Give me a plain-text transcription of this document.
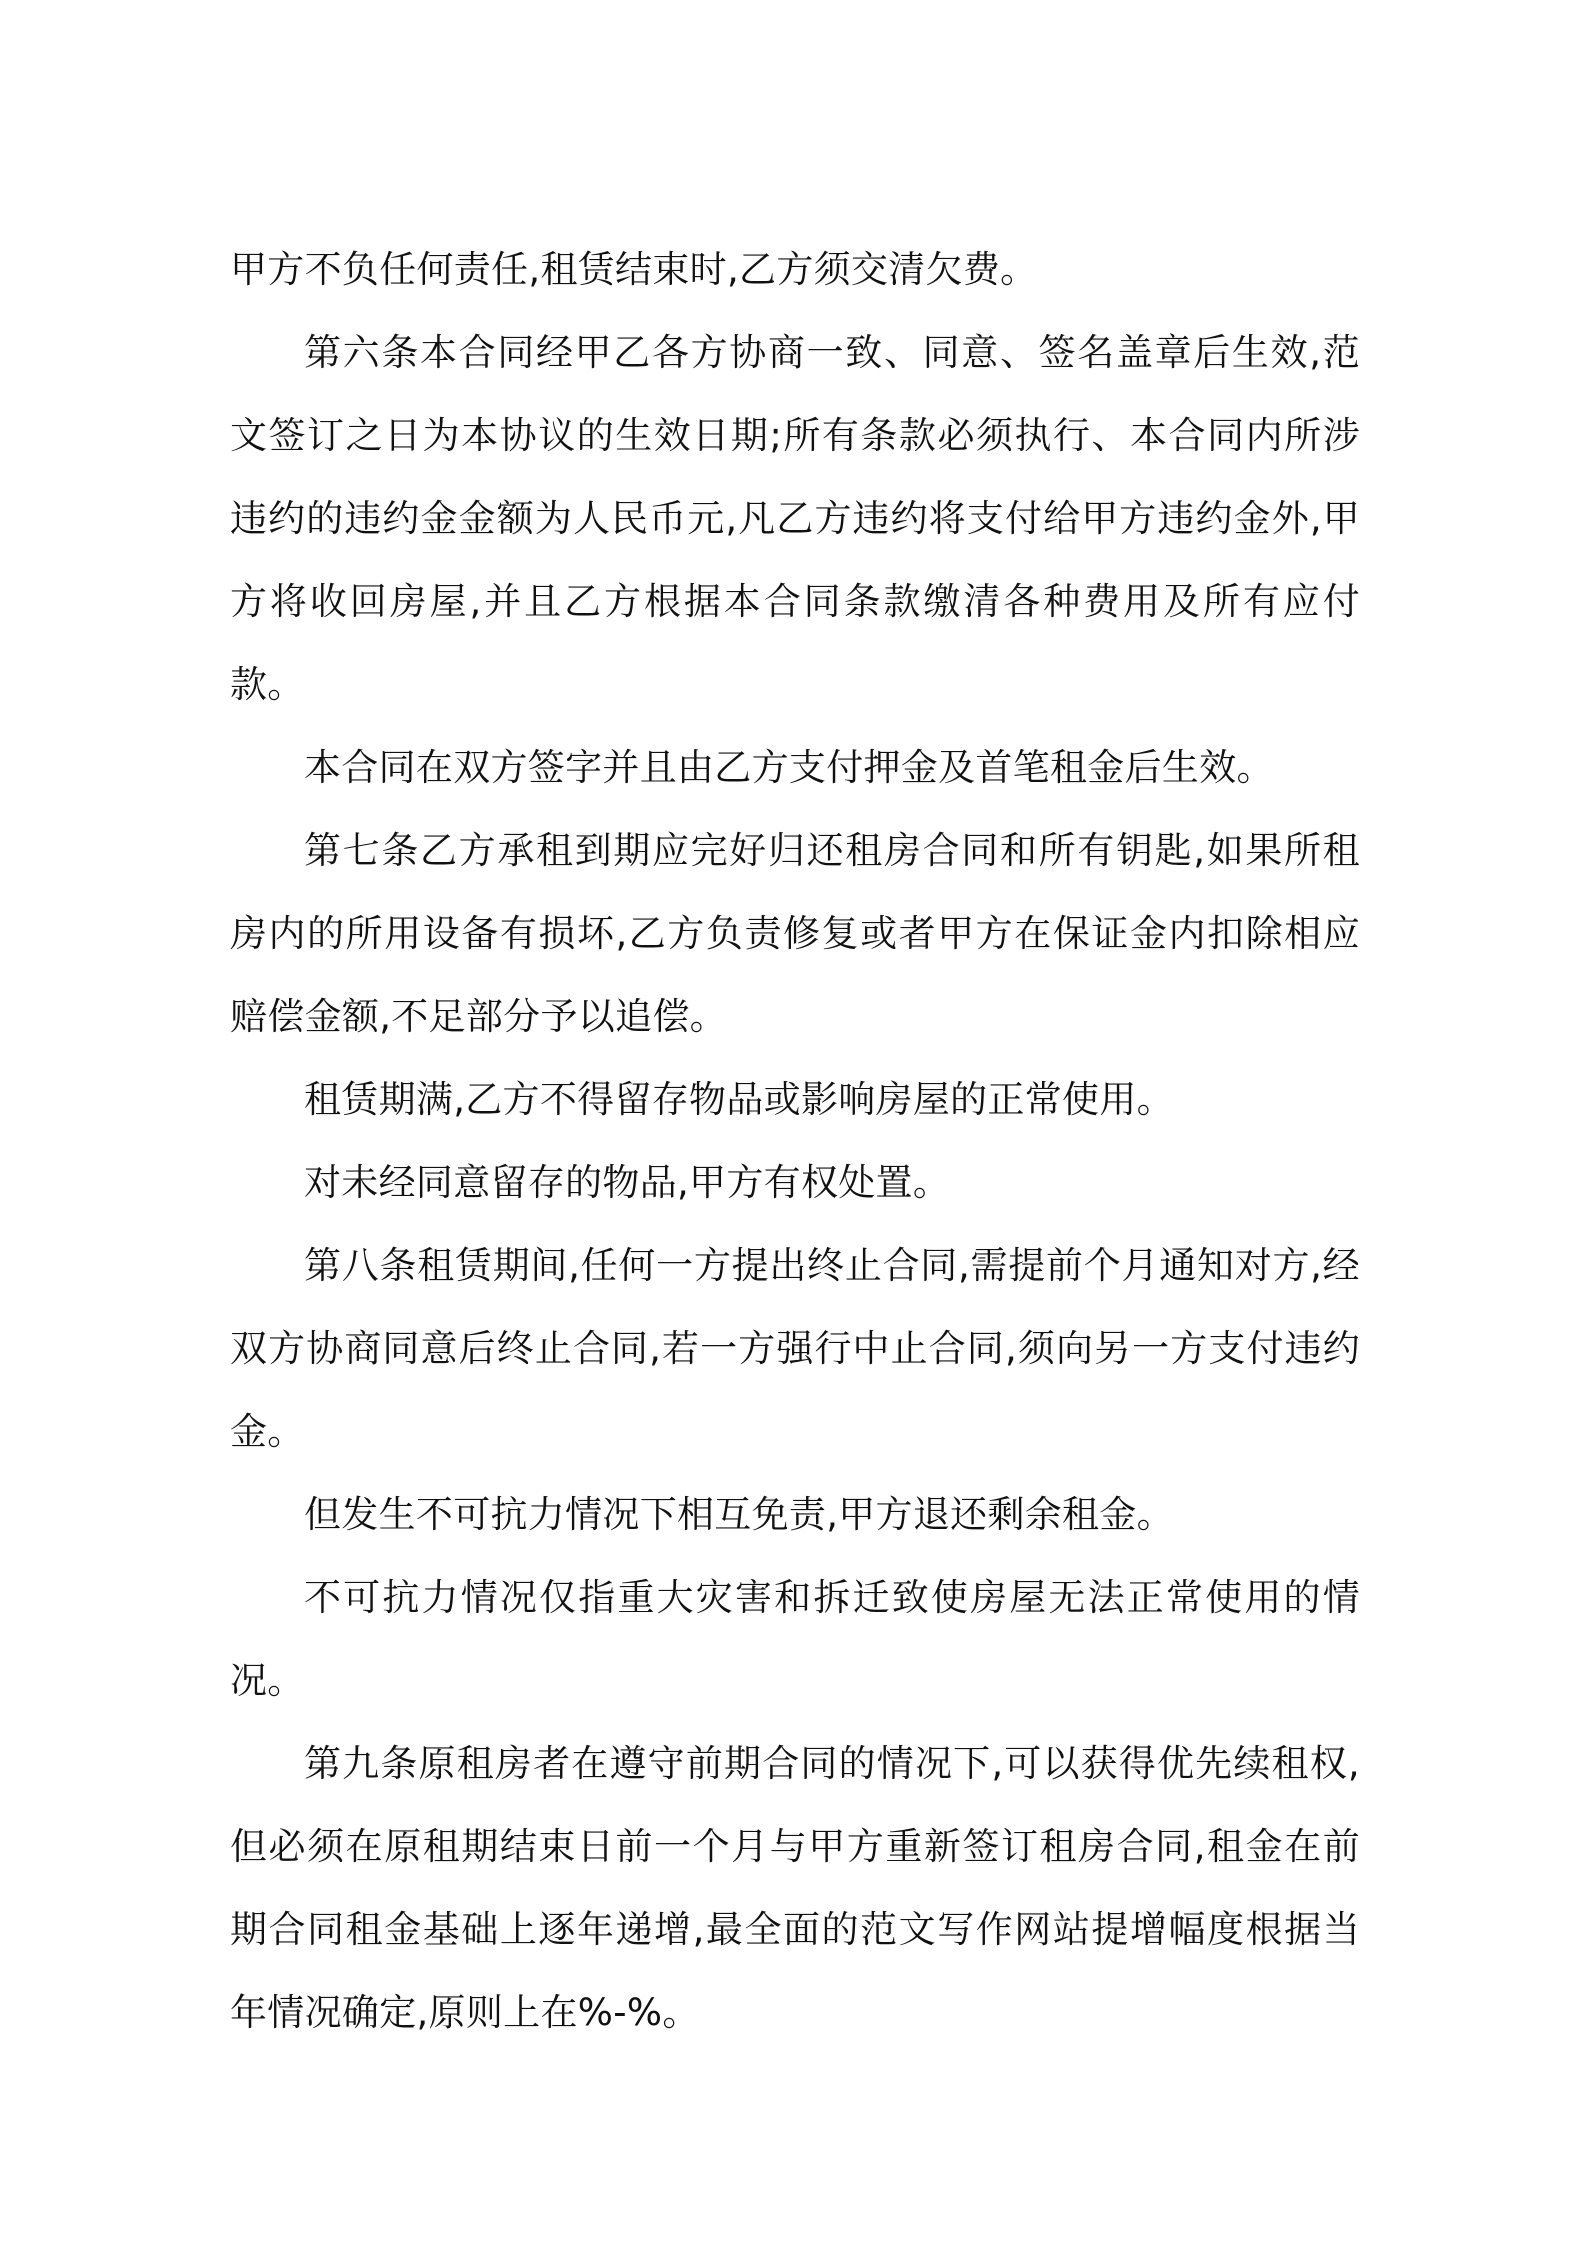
甲方不负任何责任,租赁结束时,乙方须交清欠费。

第六条本合同经甲乙各方协商一致、同意、签名盖章后生效,范文签订之日为本协议的生效日期;所有条款必须执行、本合同内所涉违约的违约金金额为人民币元,凡乙方违约将支付给甲方违约金外,甲方将收回房屋,并且乙方根据本合同条款缴清各种费用及所有应付款。

本合同在双方签字并且由乙方支付押金及首笔租金后生效。

第七条乙方承租到期应完好归还租房合同和所有钥匙,如果所租房内的所用设备有损坏,乙方负责修复或者甲方在保证金内扣除相应赔偿金额,不足部分予以追偿。

租赁期满,乙方不得留存物品或影响房屋的正常使用。

对未经同意留存的物品,甲方有权处置。

第八条租赁期间,任何一方提出终止合同,需提前个月通知对方,经双方协商同意后终止合同,若一方强行中止合同,须向另一方支付违约金。

但发生不可抗力情况下相互免责,甲方退还剩余租金。

不可抗力情况仅指重大灾害和拆迁致使房屋无法正常使用的情况。

第九条原租房者在遵守前期合同的情况下,可以获得优先续租权,但必须在原租期结束日前一个月与甲方重新签订租房合同,租金在前期合同租金基础上逐年递增,最全面的范文写作网站提增幅度根据当年情况确定,原则上在%-%。
